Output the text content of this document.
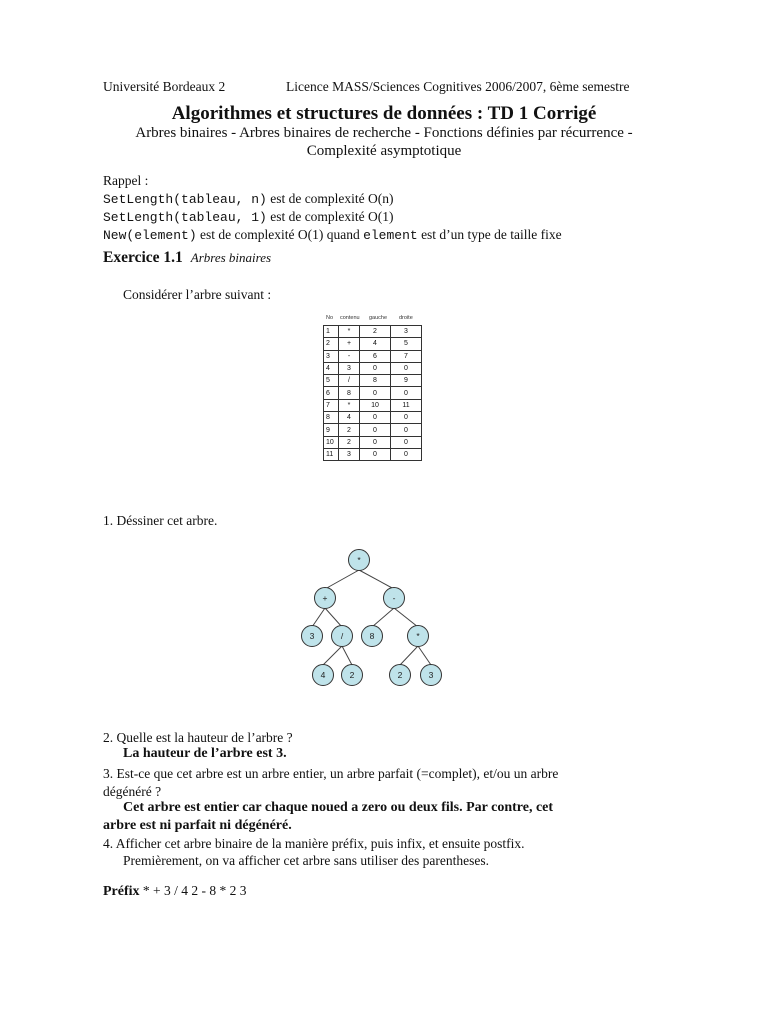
Université Bordeaux 2	Licence MASS/Sciences Cognitives 2006/2007, 6ème semestre
Algorithmes et structures de données : TD 1 Corrigé
Arbres binaires - Arbres binaires de recherche - Fonctions définies par récurrence -
Complexité asymptotique
Rappel :
SetLength(tableau, n) est de complexité O(n)
SetLength(tableau, 1) est de complexité O(1)
New(element) est de complexité O(1) quand element est d’un type de taille fixe
Exercice 1.1 Arbres binaires
Considérer l’arbre suivant :
No contenu gauche droite
1	*	2	3
2	+	4	5
3	-	6	7
4	3	0	0
5	/	8	9
6	8	0	0
7	*	10	11
8	4	0	0
9	2	0	0
10	2	0	0
11	3	0	0
1. Déssiner cet arbre.
*
+	-
3	/	8	*
4	2	2	3
2. Quelle est la hauteur de l’arbre ?
La hauteur de l’arbre est 3.
3. Est-ce que cet arbre est un arbre entier, un arbre parfait (=complet), et/ou un arbre
dégénéré ?
Cet arbre est entier car chaque noued a zero ou deux fils. Par contre, cet
arbre est ni parfait ni dégénéré.
4. Afficher cet arbre binaire de la manière préfix, puis infix, et ensuite postfix.
Premièrement, on va afficher cet arbre sans utiliser des parentheses.
Préfix * + 3 / 4 2 - 8 * 2 3
